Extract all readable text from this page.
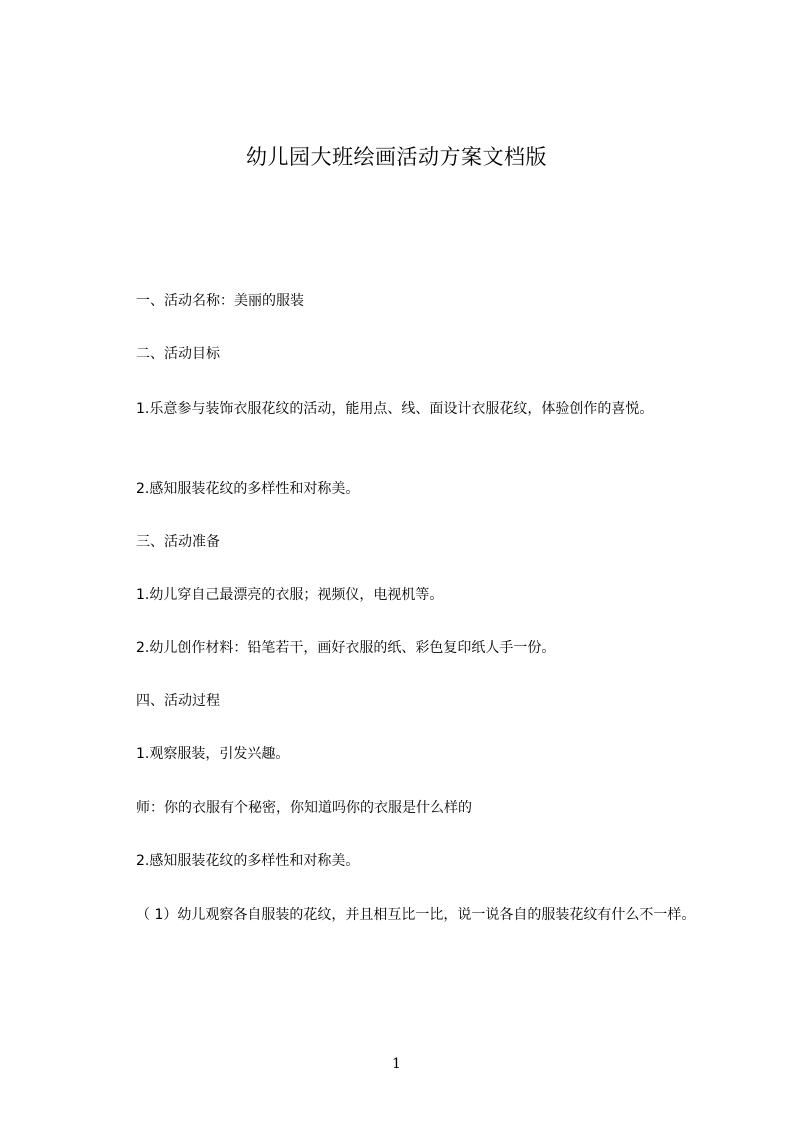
幼儿园大班绘画活动方案文档版

一、活动名称：美丽的服装

二、活动目标

1.乐意参与装饰衣服花纹的活动，能用点、线、面设计衣服花纹，体验创作的喜悦。

2.感知服装花纹的多样性和对称美。

三、活动准备

1.幼儿穿自己最漂亮的衣服；视频仪，电视机等。

2.幼儿创作材料：铅笔若干，画好衣服的纸、彩色复印纸人手一份。

四、活动过程

1.观察服装，引发兴趣。

师：你的衣服有个秘密，你知道吗你的衣服是什么样的

2.感知服装花纹的多样性和对称美。

（ 1）幼儿观察各自服装的花纹，并且相互比一比，说一说各自的服装花纹有什么不一样。

1
